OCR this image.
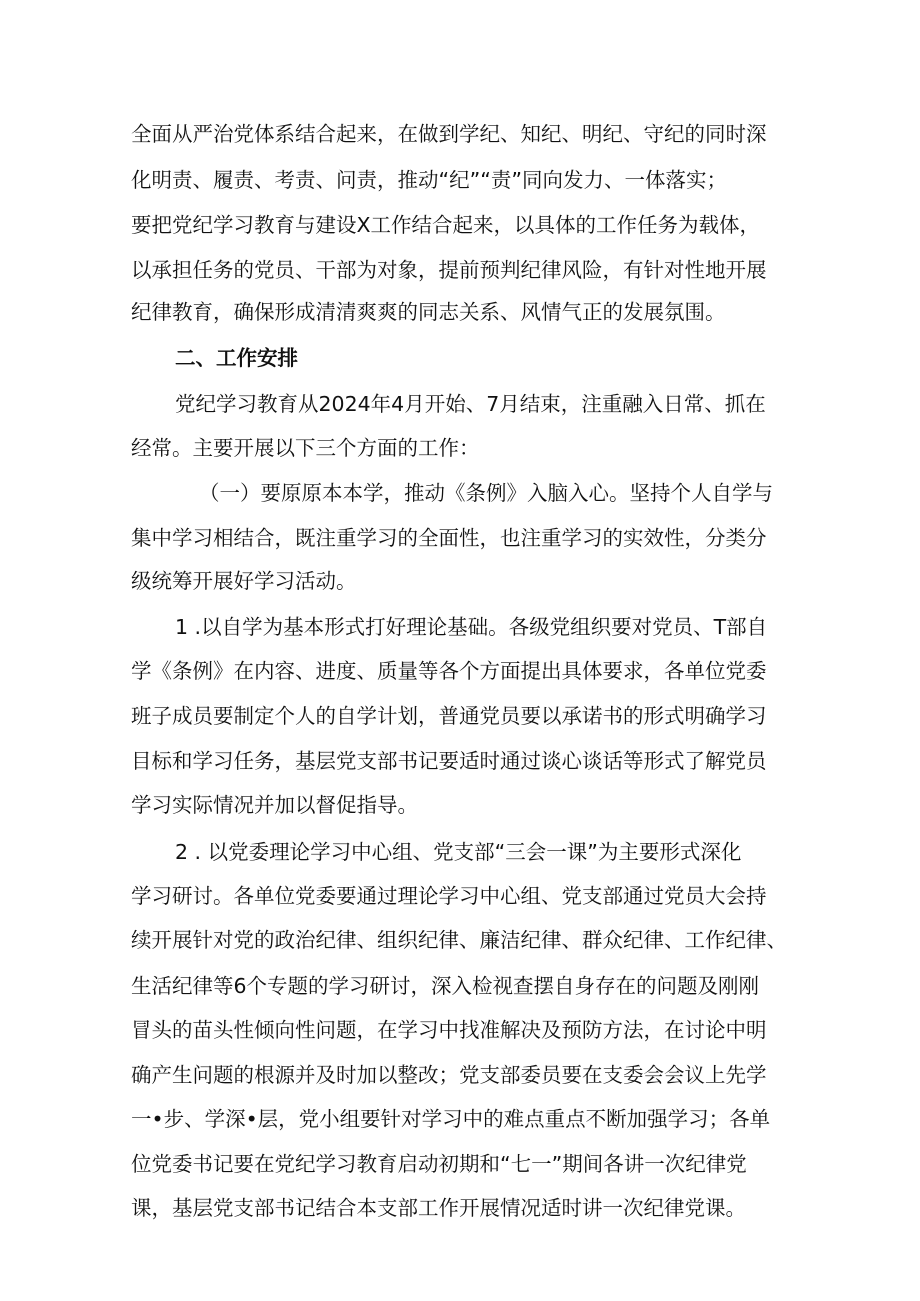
全面从严治党体系结合起来，在做到学纪、知纪、明纪、守纪的同时深
化明责、履责、考责、问责，推动“纪”“责”同向发力、一体落实；
要把党纪学习教育与建设X工作结合起来，以具体的工作任务为载体，
以承担任务的党员、干部为对象，提前预判纪律风险，有针对性地开展
纪律教育，确保形成清清爽爽的同志关系、风情气正的发展氛围。
二、工作安排
党纪学习教育从2024年4月开始、7月结束，注重融入日常、抓在
经常。主要开展以下三个方面的工作：
（一）要原原本本学，推动《条例》入脑入心。坚持个人自学与
集中学习相结合，既注重学习的全面性，也注重学习的实效性，分类分
级统筹开展好学习活动。
1 .以自学为基本形式打好理论基础。各级党组织要对党员、T部自
学《条例》在内容、进度、质量等各个方面提出具体要求，各单位党委
班子成员要制定个人的自学计划，普通党员要以承诺书的形式明确学习
目标和学习任务，基层党支部书记要适时通过谈心谈话等形式了解党员
学习实际情况并加以督促指导。
2 . 以党委理论学习中心组、党支部“三会一课”为主要形式深化
学习研讨。各单位党委要通过理论学习中心组、党支部通过党员大会持
续开展针对党的政治纪律、组织纪律、廉洁纪律、群众纪律、工作纪律、
生活纪律等6个专题的学习研讨，深入检视查摆自身存在的问题及刚刚
冒头的苗头性倾向性问题，在学习中找准解决及预防方法，在讨论中明
确产生问题的根源并及时加以整改；党支部委员要在支委会会议上先学
一•步、学深•层，党小组要针对学习中的难点重点不断加强学习；各单
位党委书记要在党纪学习教育启动初期和“七一”期间各讲一次纪律党
课，基层党支部书记结合本支部工作开展情况适时讲一次纪律党课。
